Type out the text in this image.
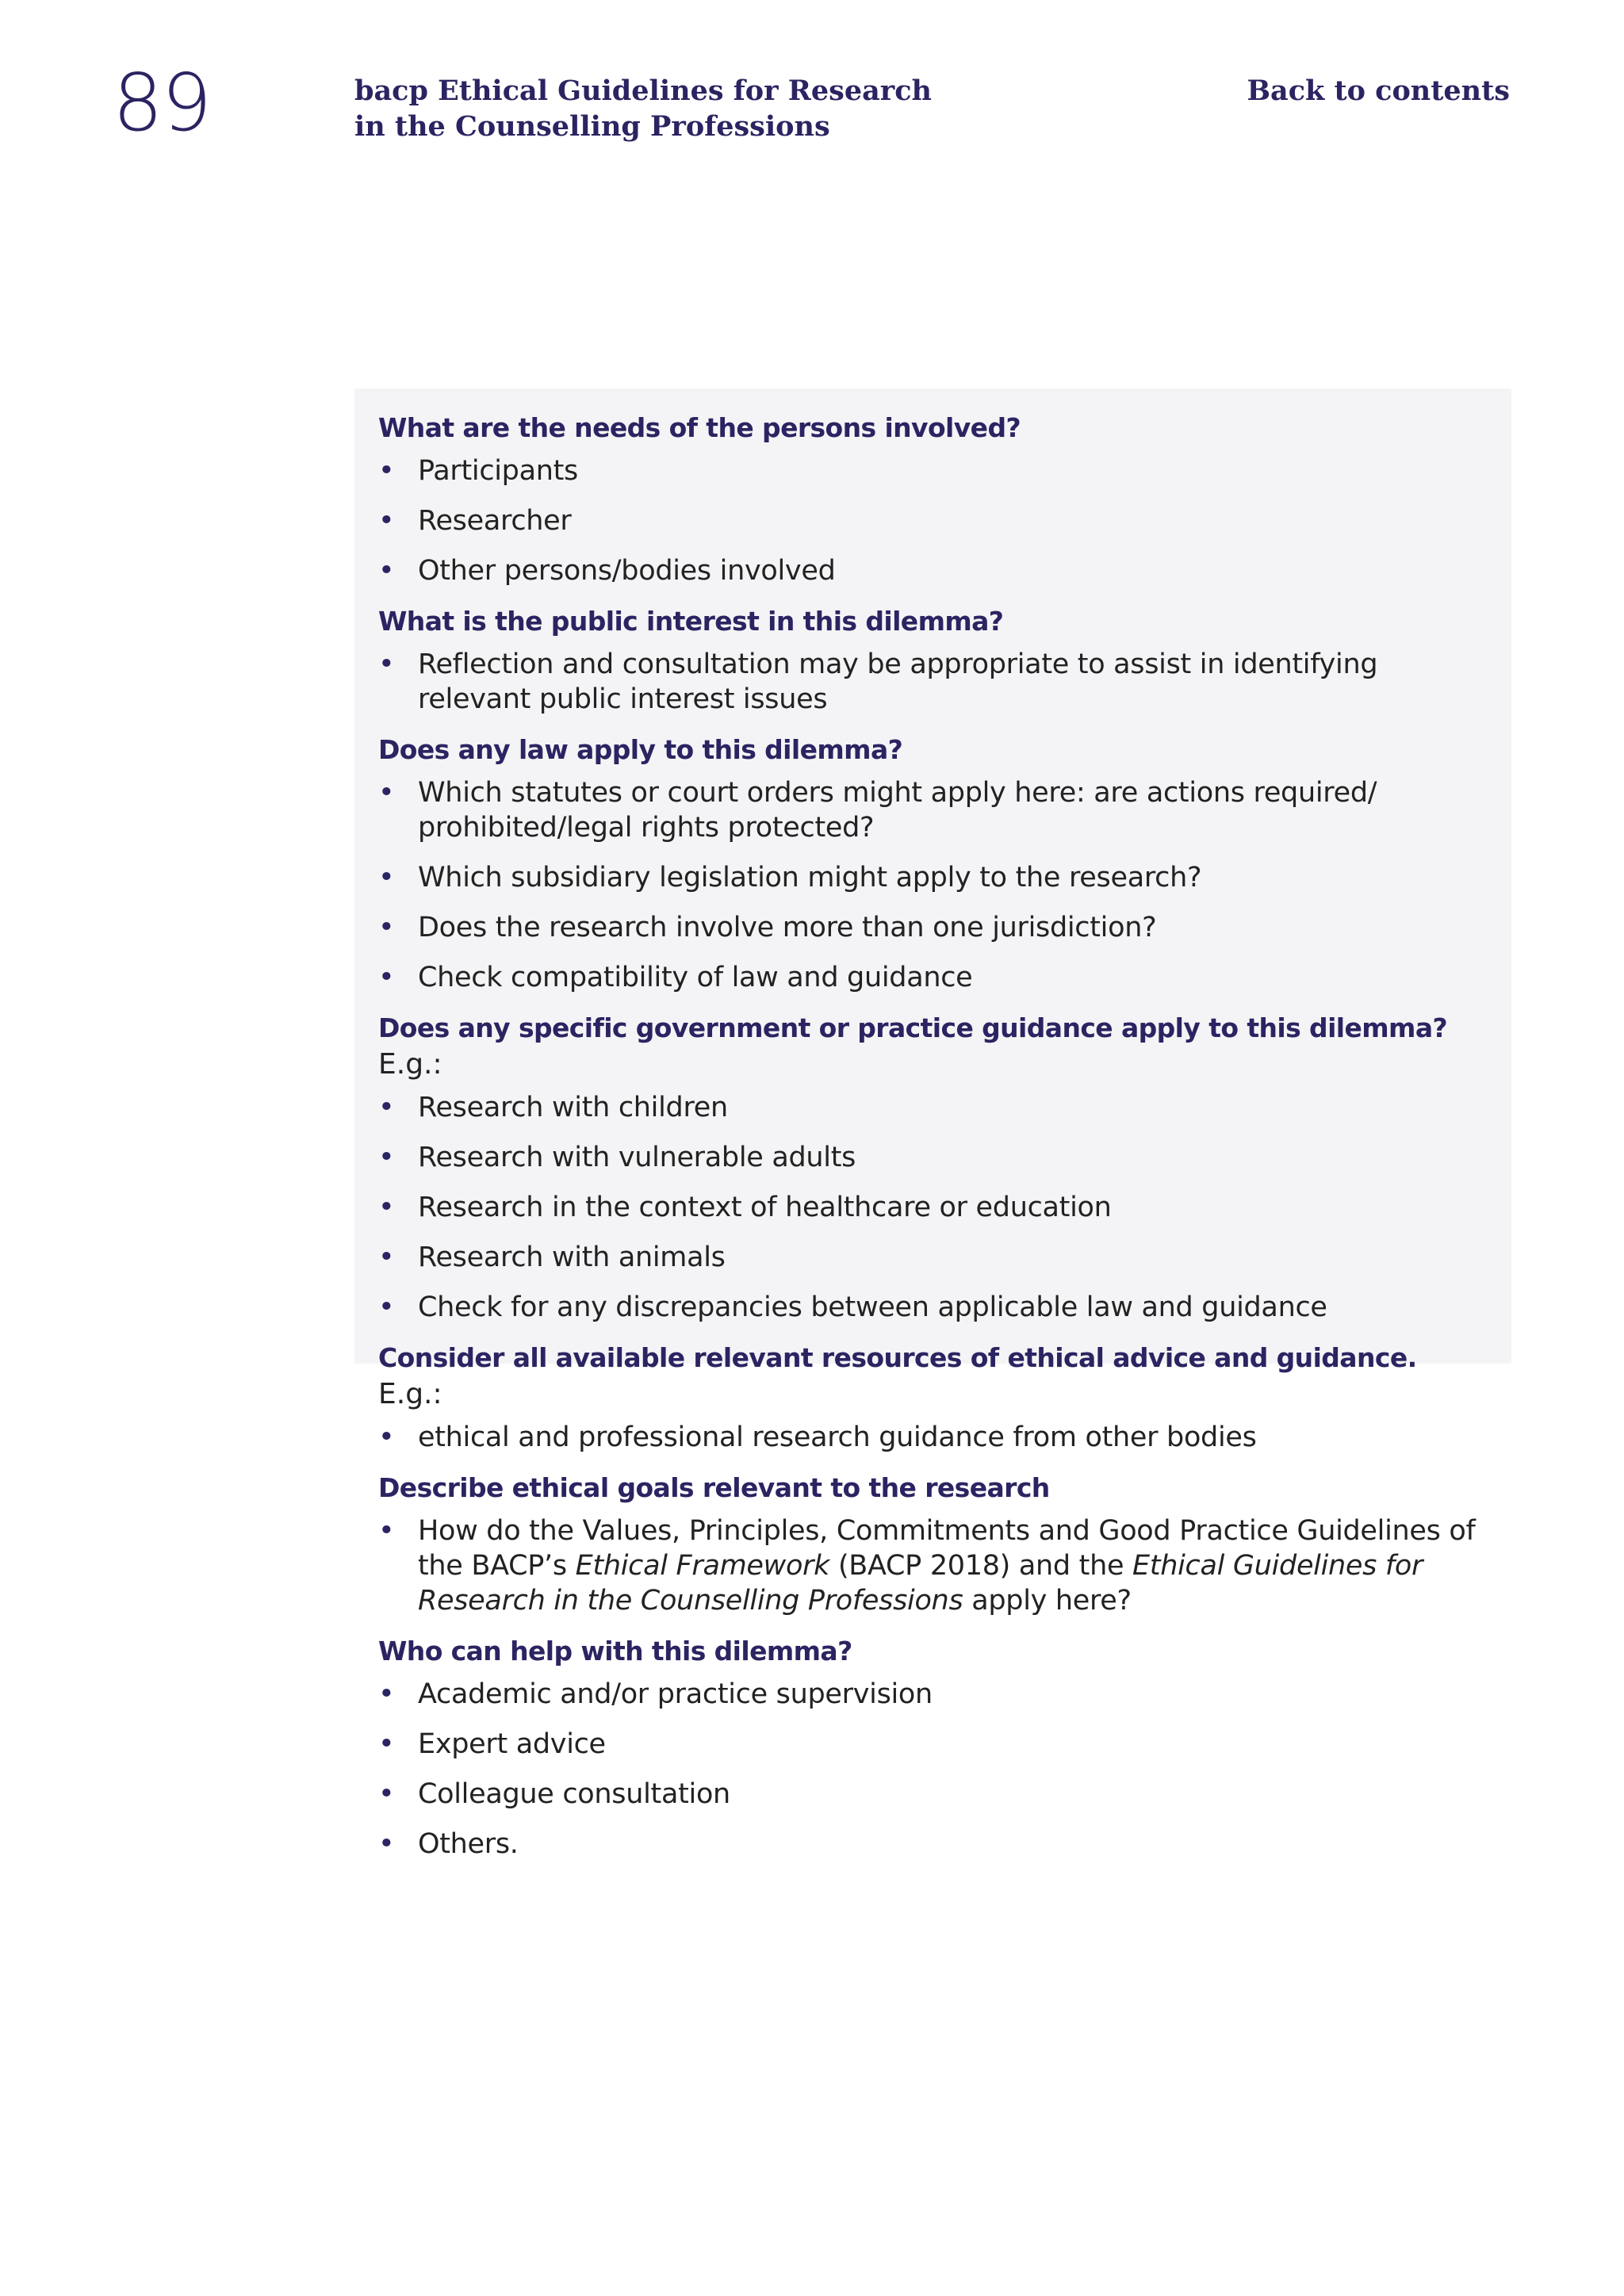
89	bacp Ethical Guidelines for Research
in the Counselling Professions
Back to contents
What are the needs of the persons involved?
• Participants
• Researcher
• Other persons/bodies involved
What is the public interest in this dilemma?
• Reflection and consultation may be appropriate to assist in identifying relevant public interest issues
Does any law apply to this dilemma?
• Which statutes or court orders might apply here: are actions required/ prohibited/legal rights protected?
• Which subsidiary legislation might apply to the research?
• Does the research involve more than one jurisdiction?
• Check compatibility of law and guidance
Does any specific government or practice guidance apply to this dilemma?
E.g.:
• Research with children
• Research with vulnerable adults
• Research in the context of healthcare or education
• Research with animals
• Check for any discrepancies between applicable law and guidance
Consider all available relevant resources of ethical advice and guidance.
E.g.:
• ethical and professional research guidance from other bodies
Describe ethical goals relevant to the research
• How do the Values, Principles, Commitments and Good Practice Guidelines of the BACP’s Ethical Framework (BACP 2018) and the Ethical Guidelines for Research in the Counselling Professions apply here?
Who can help with this dilemma?
• Academic and/or practice supervision
• Expert advice
• Colleague consultation
• Others.
